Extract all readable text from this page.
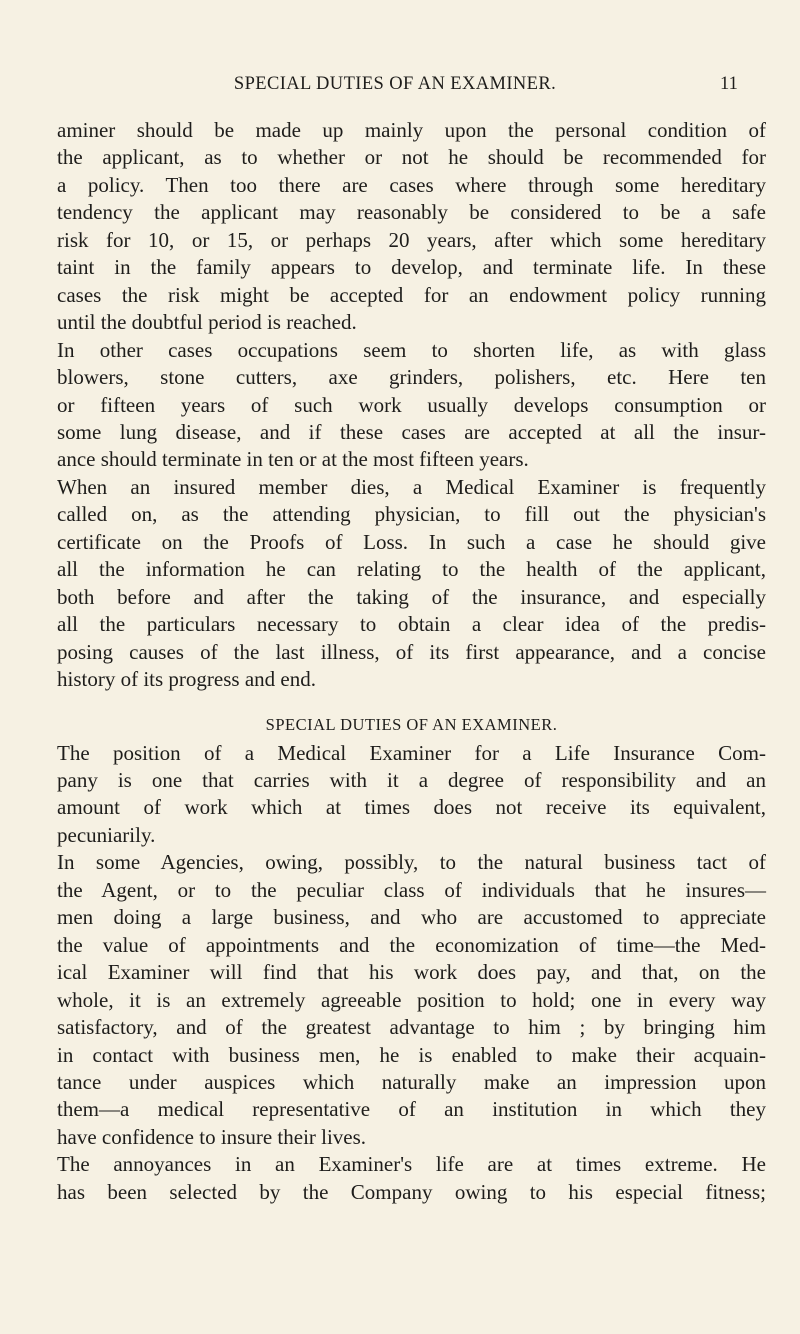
SPECIAL DUTIES OF AN EXAMINER.	11
aminer should be made up mainly upon the personal condition of
the applicant, as to whether or not he should be recommended for
a policy. Then too there are cases where through some hereditary
tendency the applicant may reasonably be considered to be a safe
risk for 10, or 15, or perhaps 20 years, after which some hereditary
taint in the family appears to develop, and terminate life. In these
cases the risk might be accepted for an endowment policy running
until the doubtful period is reached.
In other cases occupations seem to shorten life, as with glass
blowers, stone cutters, axe grinders, polishers, etc. Here ten
or fifteen years of such work usually develops consumption or
some lung disease, and if these cases are accepted at all the insur-
ance should terminate in ten or at the most fifteen years.
When an insured member dies, a Medical Examiner is frequently
called on, as the attending physician, to fill out the physician's
certificate on the Proofs of Loss. In such a case he should give
all the information he can relating to the health of the applicant,
both before and after the taking of the insurance, and especially
all the particulars necessary to obtain a clear idea of the predis-
posing causes of the last illness, of its first appearance, and a concise
history of its progress and end.
SPECIAL DUTIES OF AN EXAMINER.
The position of a Medical Examiner for a Life Insurance Com-
pany is one that carries with it a degree of responsibility and an
amount of work which at times does not receive its equivalent,
pecuniarily.
In some Agencies, owing, possibly, to the natural business tact of
the Agent, or to the peculiar class of individuals that he insures—
men doing a large business, and who are accustomed to appreciate
the value of appointments and the economization of time—the Med-
ical Examiner will find that his work does pay, and that, on the
whole, it is an extremely agreeable position to hold; one in every way
satisfactory, and of the greatest advantage to him ; by bringing him
in contact with business men, he is enabled to make their acquain-
tance under auspices which naturally make an impression upon
them—a medical representative of an institution in which they
have confidence to insure their lives.
The annoyances in an Examiner's life are at times extreme. He
has been selected by the Company owing to his especial fitness;
